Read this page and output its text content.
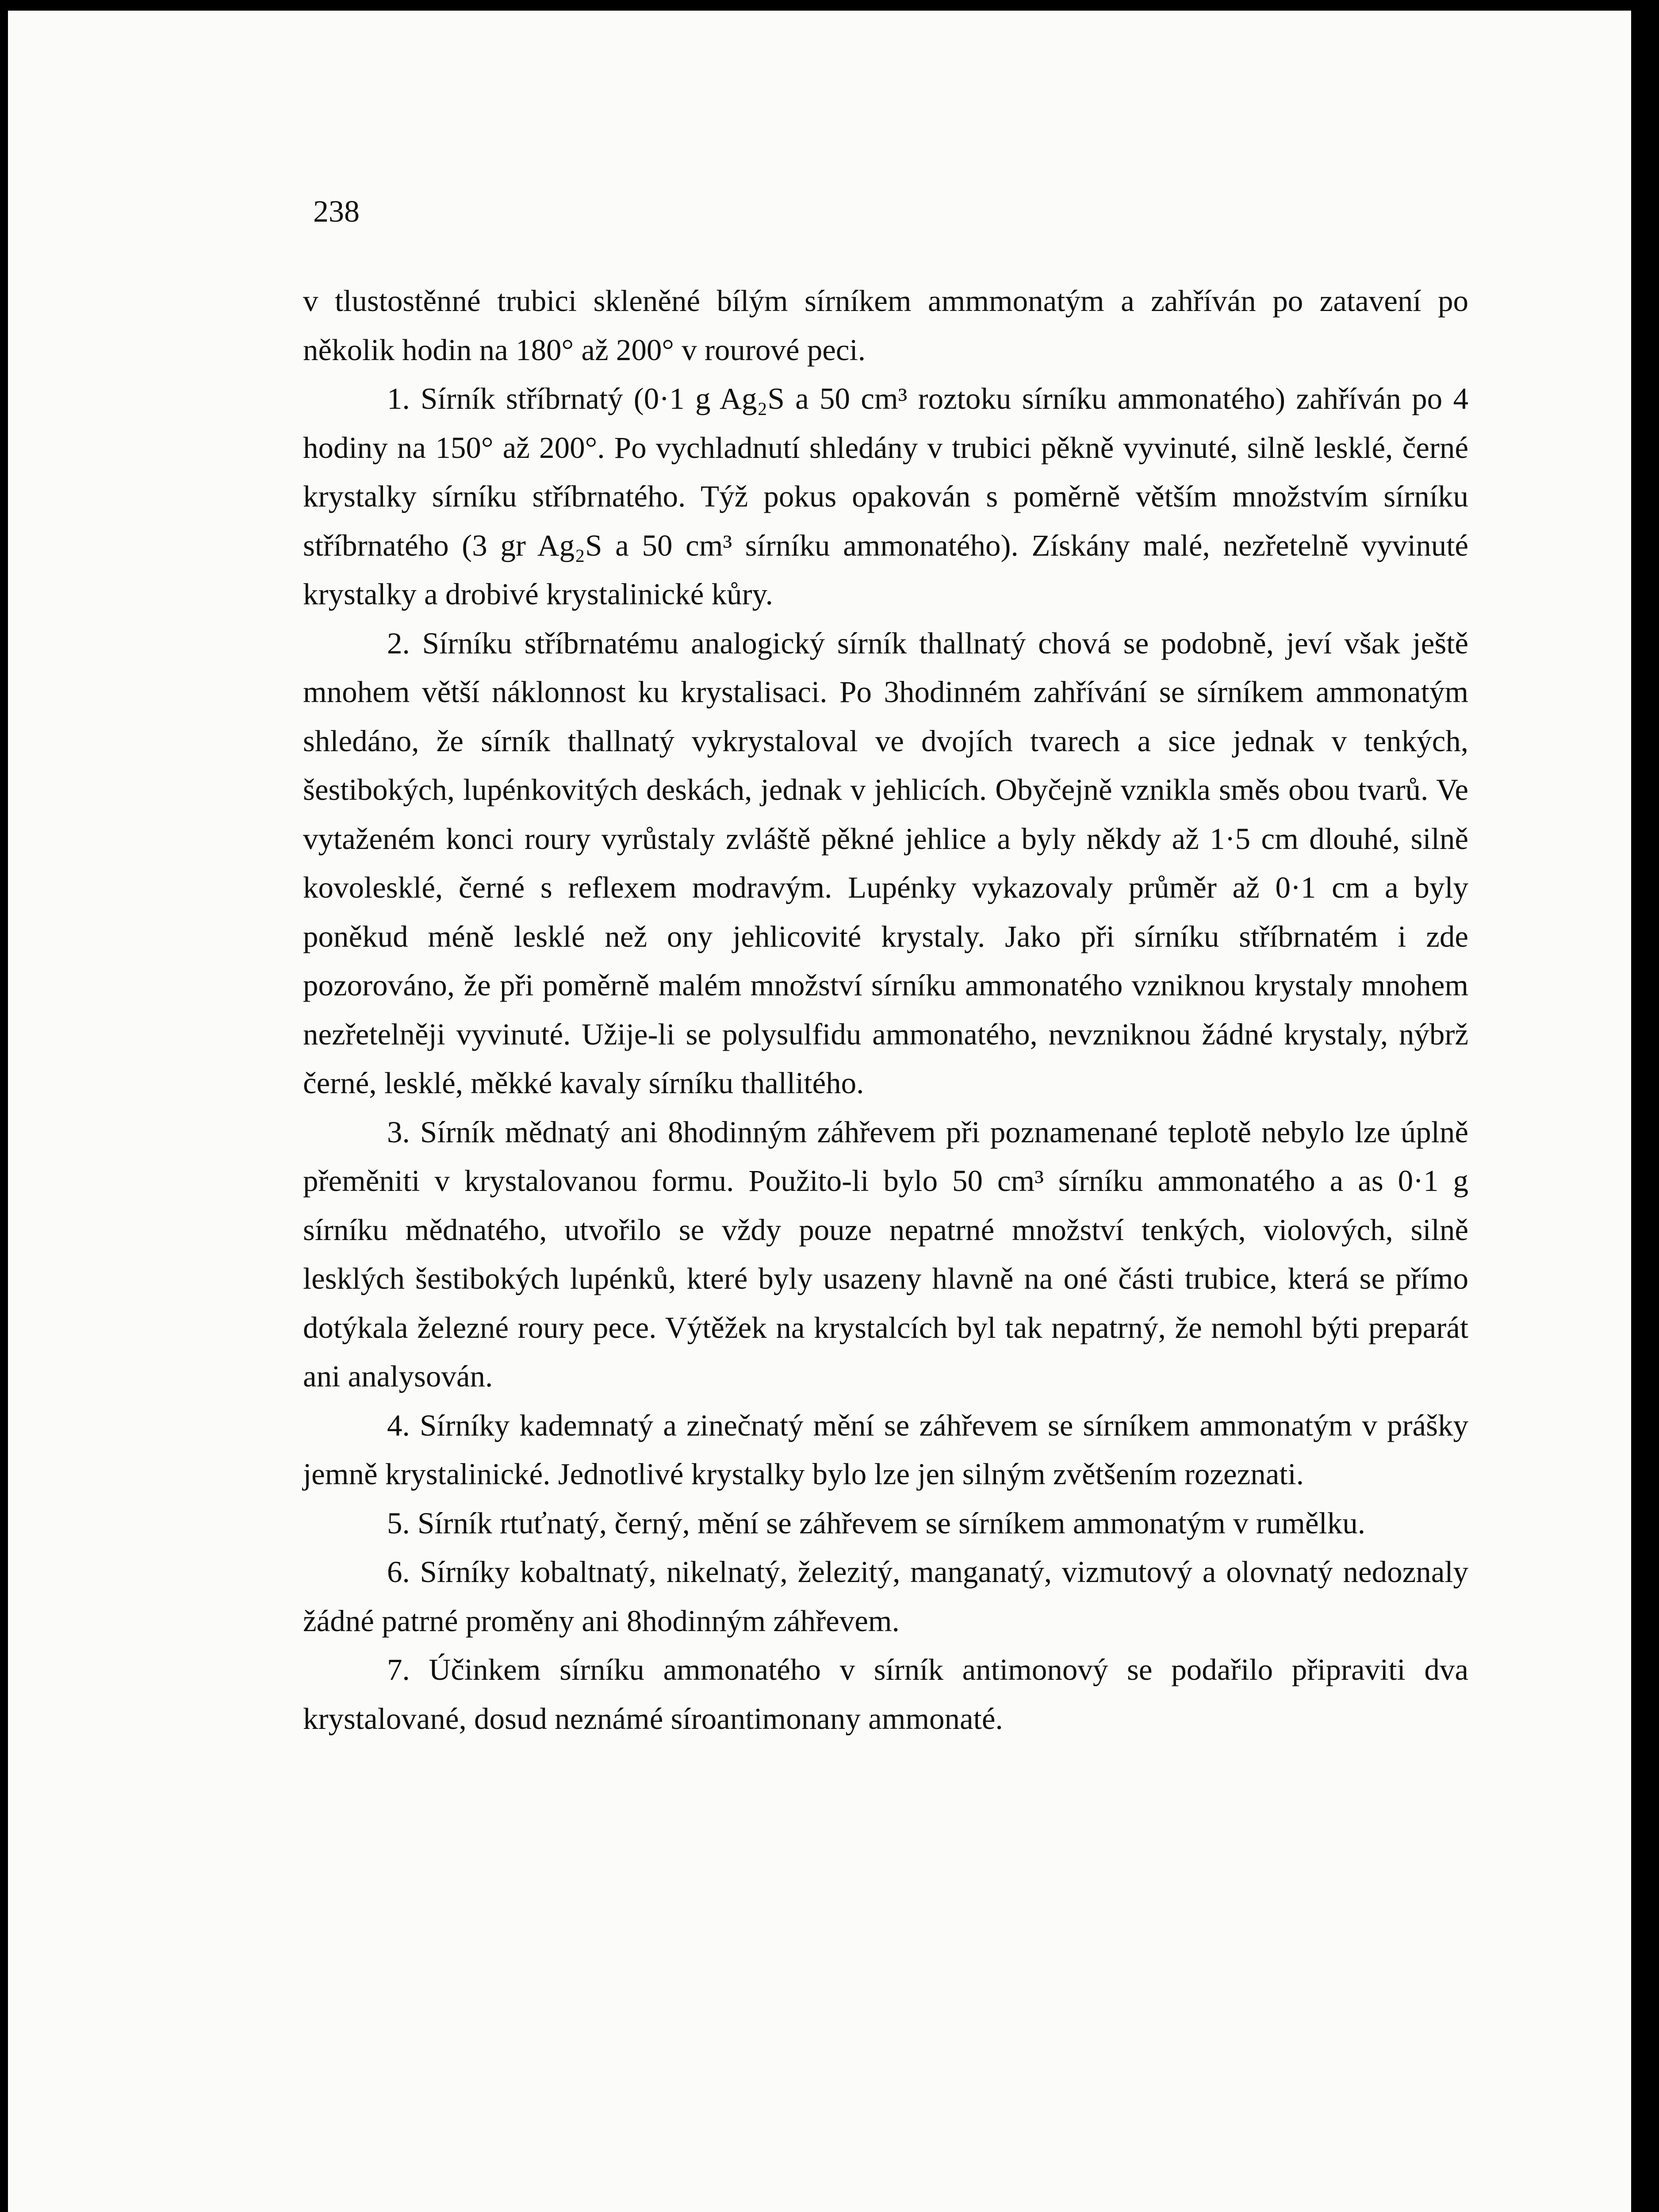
238

v tlustostěnné trubici skleněné bílým sírníkem ammmonatým a zahříván po zatavení po několik hodin na 180° až 200° v rourové peci.

1. Sírník stříbrnatý (0·1 g Ag₂S a 50 cm³ roztoku sírníku ammonatého) zahříván po 4 hodiny na 150° až 200°. Po vychladnutí shledány v trubici pěkně vyvinuté, silně lesklé, černé krystalky sírníku stříbrnatého. Týž pokus opakován s poměrně větším množstvím sírníku stříbrnatého (3 gr Ag₂S a 50 cm³ sírníku ammonatého). Získány malé, nezřetelně vyvinuté krystalky a drobivé krystalinické kůry.

2. Sírníku stříbrnatému analogický sírník thallnatý chová se podobně, jeví však ještě mnohem větší náklonnost ku krystalisaci. Po 3hodinném zahřívání se sírníkem ammonatým shledáno, že sírník thallnatý vykrystaloval ve dvojích tvarech a sice jednak v tenkých, šestibokých, lupénkovitých deskách, jednak v jehlicích. Obyčejně vznikla směs obou tvarů. Ve vytaženém konci roury vyrůstaly zvláště pěkné jehlice a byly někdy až 1·5 cm dlouhé, silně kovolesklé, černé s reflexem modravým. Lupénky vykazovaly průměr až 0·1 cm a byly poněkud méně lesklé než ony jehlicovité krystaly. Jako při sírníku stříbrnatém i zde pozorováno, že při poměrně malém množství sírníku ammonatého vzniknou krystaly mnohem nezřetelněji vyvinuté. Užije-li se polysulfidu ammonatého, nevzniknou žádné krystaly, nýbrž černé, lesklé, měkké kavaly sírníku thallitého.

3. Sírník mědnatý ani 8hodinným záhřevem při poznamenané teplotě nebylo lze úplně přeměniti v krystalovanou formu. Použito-li bylo 50 cm³ sírníku ammonatého a as 0·1 g sírníku mědnatého, utvořilo se vždy pouze nepatrné množství tenkých, violových, silně lesklých šestibokých lupénků, které byly usazeny hlavně na oné části trubice, která se přímo dotýkala železné roury pece. Výtěžek na krystalcích byl tak nepatrný, že nemohl býti preparát ani analysován.

4. Sírníky kademnatý a zinečnatý mění se záhřevem se sírníkem ammonatým v prášky jemně krystalinické. Jednotlivé krystalky bylo lze jen silným zvětšením rozeznati.

5. Sírník rtuťnatý, černý, mění se záhřevem se sírníkem ammonatým v rumělku.

6. Sírníky kobaltnatý, nikelnatý, železitý, manganatý, vizmutový a olovnatý nedoznaly žádné patrné proměny ani 8hodinným záhřevem.

7. Účinkem sírníku ammonatého v sírník antimonový se podařilo připraviti dva krystalované, dosud neznámé síroantimonany ammonaté.
